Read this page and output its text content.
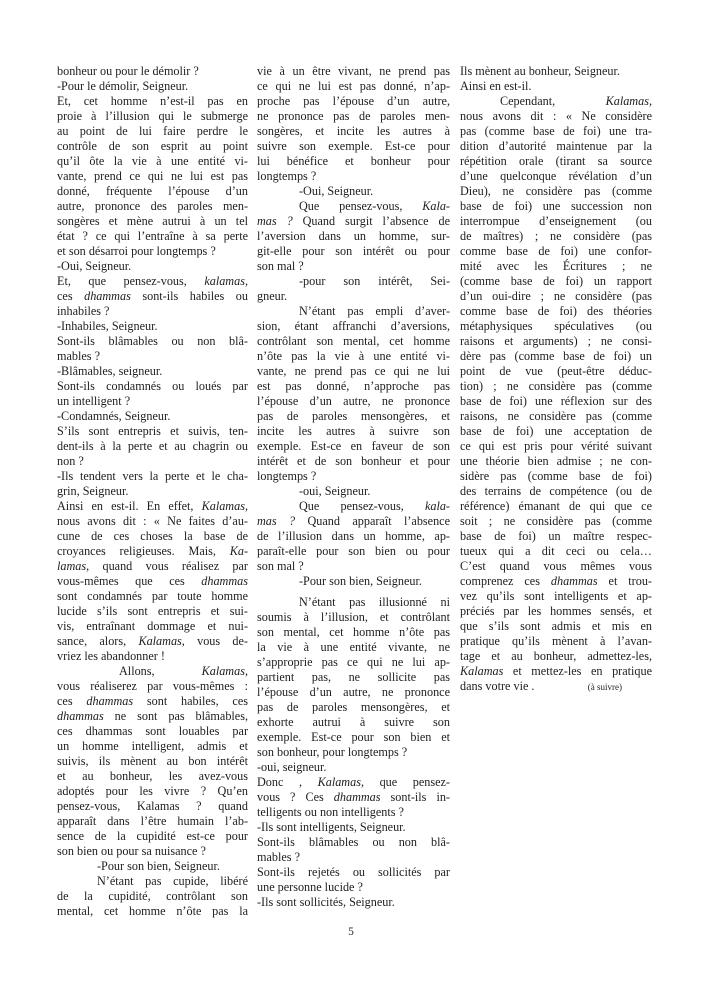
bonheur ou pour le démolir ?
-Pour le démolir, Seigneur.
Et, cet homme n’est-il pas en
proie à l’illusion qui le submerge
au point de lui faire perdre le
contrôle de son esprit au point
qu’il ôte la vie à une entité vi-
vante, prend ce qui ne lui est pas
donné, fréquente l’épouse d’un
autre, prononce des paroles men-
songères et mène autrui à un tel
état ? ce qui l’entraîne à sa perte
et son désarroi pour longtemps ?
-Oui, Seigneur.
Et, que pensez-vous, kalamas,
ces dhammas sont-ils habiles ou
inhabiles ?
-Inhabiles, Seigneur.
Sont-ils blâmables ou non blâ-
mables ?
-Blâmables, seigneur.
Sont-ils condamnés ou loués par
un intelligent ?
-Condamnés, Seigneur.
S’ils sont entrepris et suivis, ten-
dent-ils à la perte et au chagrin ou
non ?
-Ils tendent vers la perte et le cha-
grin, Seigneur.
Ainsi en est-il. En effet, Kalamas,
nous avons dit : « Ne faites d’au-
cune de ces choses la base de
croyances religieuses. Mais, Ka-
lamas, quand vous réalisez par
vous-mêmes que ces dhammas
sont condamnés par toute homme
lucide s’ils sont entrepris et sui-
vis, entraînant dommage et nui-
sance, alors, Kalamas, vous de-
vriez les abandonner !
Allons, Kalamas,
vous réaliserez par vous-mêmes :
ces dhammas sont habiles, ces
dhammas ne sont pas blâmables,
ces dhammas sont louables par
un homme intelligent, admis et
suivis, ils mènent au bon intérêt
et au bonheur, les avez-vous
adoptés pour les vivre ? Qu’en
pensez-vous, Kalamas ? quand
apparaît dans l’être humain l’ab-
sence de la cupidité est-ce pour
son bien ou pour sa nuisance ?
-Pour son bien, Seigneur.
N’étant pas cupide, libéré
de la cupidité, contrôlant son
mental, cet homme n’ôte pas la
vie à un être vivant, ne prend pas
ce qui ne lui est pas donné, n’ap-
proche pas l’épouse d’un autre,
ne prononce pas de paroles men-
songères, et incite les autres à
suivre son exemple. Est-ce pour
lui bénéfice et bonheur pour
longtemps ?
-Oui, Seigneur.
Que pensez-vous, Kala-
mas ? Quand surgit l’absence de
l’aversion dans un homme, sur-
git-elle pour son intérêt ou pour
son mal ?
-pour son intérêt, Sei-
gneur.
N’étant pas empli d’aver-
sion, étant affranchi d’aversions,
contrôlant son mental, cet homme
n’ôte pas la vie à une entité vi-
vante, ne prend pas ce qui ne lui
est pas donné, n’approche pas
l’épouse d’un autre, ne prononce
pas de paroles mensongères, et
incite les autres à suivre son
exemple. Est-ce en faveur de son
intérêt et de son bonheur et pour
longtemps ?
-oui, Seigneur.
Que pensez-vous, kala-
mas ? Quand apparaît l’absence
de l’illusion dans un homme, ap-
paraît-elle pour son bien ou pour
son mal ?
-Pour son bien, Seigneur.
N’étant pas illusionné ni
soumis à l’illusion, et contrôlant
son mental, cet homme n’ôte pas
la vie à une entité vivante, ne
s’approprie pas ce qui ne lui ap-
partient pas, ne sollicite pas
l’épouse d’un autre, ne prononce
pas de paroles mensongères, et
exhorte autrui à suivre son
exemple. Est-ce pour son bien et
son bonheur, pour longtemps ?
-oui, seigneur.
Donc , Kalamas, que pensez-
vous ? Ces dhammas sont-ils in-
telligents ou non intelligents ?
-Ils sont intelligents, Seigneur.
Sont-ils blâmables ou non blâ-
mables ?
Sont-ils rejetés ou sollicités par
une personne lucide ?
-Ils sont sollicités, Seigneur.
Ils mènent au bonheur, Seigneur.
Ainsi en est-il.
Cependant, Kalamas,
nous avons dit : « Ne considère
pas (comme base de foi) une tra-
dition d’autorité maintenue par la
répétition orale (tirant sa source
d’une quelconque révélation d’un
Dieu), ne considère pas (comme
base de foi) une succession non
interrompue d’enseignement (ou
de maîtres) ; ne considère (pas
comme base de foi) une confor-
mité avec les Écritures ; ne
(comme base de foi) un rapport
d’un oui-dire ; ne considère (pas
comme base de foi) des théories
métaphysiques spéculatives (ou
raisons et arguments) ; ne consi-
dère pas (comme base de foi) un
point de vue (peut-être déduc-
tion) ; ne considère pas (comme
base de foi) une réflexion sur des
raisons, ne considère pas (comme
base de foi) une acceptation de
ce qui est pris pour vérité suivant
une théorie bien admise ; ne con-
sidère pas (comme base de foi)
des terrains de compétence (ou de
référence) émanant de qui que ce
soit ; ne considère pas (comme
base de foi) un maître respec-
tueux qui a dit ceci ou cela…
C’est quand vous mêmes vous
comprenez ces dhammas et trou-
vez qu’ils sont intelligents et ap-
préciés par les hommes sensés, et
que s’ils sont admis et mis en
pratique qu’ils mènent à l’avan-
tage et au bonheur, admettez-les,
Kalamas et mettez-les en pratique
dans votre vie .	(à suivre)
5
